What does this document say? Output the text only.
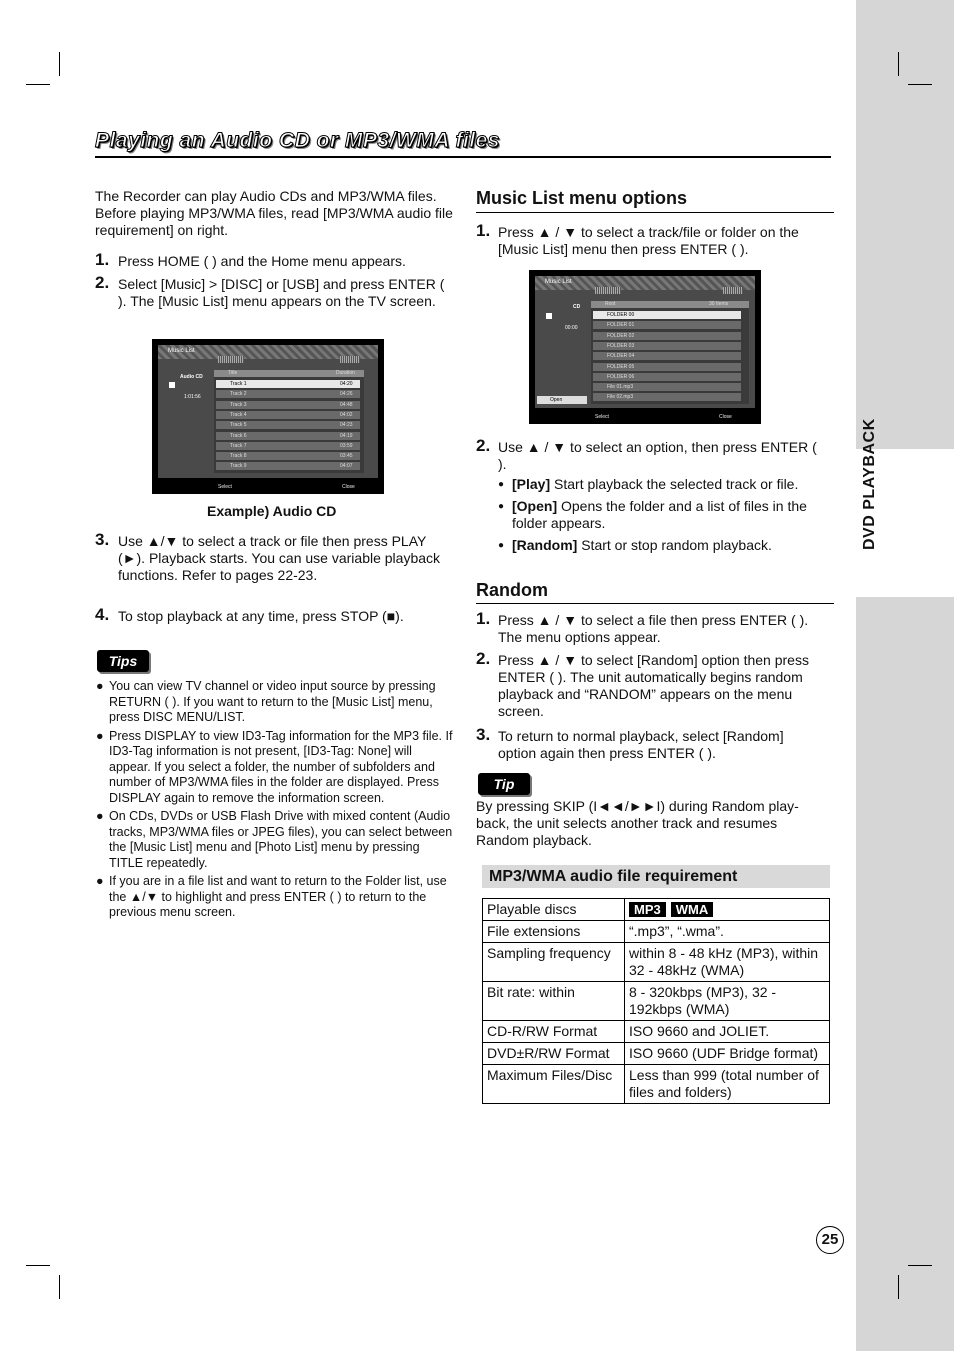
Playing an Audio CD or MP3/WMA files
The Recorder can play Audio CDs and MP3/WMA files. Before playing MP3/WMA files, read [MP3/WMA audio file requirement] on right.
1. Press HOME ( ) and the Home menu appears.
2. Select [Music] > [DISC] or [USB] and press ENTER ( ). The [Music List] menu appears on the TV screen.
Music List
Audio CD
1:01:56
Title	Duration
Track 1	04:20
Track 2	04:26
Track 3	04:48
Track 4	04:02
Track 5	04:23
Track 6	04:19
Track 7	03:59
Track 8	03:45
Track 9	04:07
Select	Close
Example) Audio CD
3. Use ▲/▼ to select a track or file then press PLAY (►). Playback starts. You can use variable playback functions. Refer to pages 22-23.
4. To stop playback at any time, press STOP (■).
Tips
● You can view TV channel or video input source by pressing RETURN ( ). If you want to return to the [Music List] menu, press DISC MENU/LIST.
● Press DISPLAY to view ID3-Tag information for the MP3 file. If ID3-Tag information is not present, [ID3-Tag: None] will appear. If you select a folder, the number of subfolders and number of MP3/WMA files in the folder are displayed. Press DISPLAY again to remove the information screen.
● On CDs, DVDs or USB Flash Drive with mixed content (Audio tracks, MP3/WMA files or JPEG files), you can select between the [Music List] menu and [Photo List] menu by pressing TITLE repeatedly.
● If you are in a file list and want to return to the Folder list, use the ▲/▼ to highlight and press ENTER ( ) to return to the previous menu screen.
Music List menu options
1. Press ▲ / ▼ to select a track/file or folder on the [Music List] menu then press ENTER ( ).
Music List
CD
00:00
Open
Root	30 Items
FOLDER 00
FOLDER 01
FOLDER 02
FOLDER 03
FOLDER 04
FOLDER 05
FOLDER 06
File 01.mp3
File 02.mp3
Select	Close
2. Use ▲ / ▼ to select an option, then press ENTER ( ).
● [Play] Start playback the selected track or file.
● [Open] Opens the folder and a list of files in the folder appears.
● [Random] Start or stop random playback.
Random
1. Press ▲ / ▼ to select a file then press ENTER ( ). The menu options appear.
2. Press ▲ / ▼ to select [Random] option then press ENTER ( ). The unit automatically begins random playback and “RANDOM” appears on the menu screen.
3. To return to normal playback, select [Random] option again then press ENTER ( ).
Tip
By pressing SKIP (I◄◄/►►I) during Random play-back, the unit selects another track and resumes Random playback.
MP3/WMA audio file requirement
Playable discs	MP3 WMA
File extensions	“.mp3”, “.wma”.
Sampling frequency	within 8 - 48 kHz (MP3), within 32 - 48kHz (WMA)
Bit rate: within	8 - 320kbps (MP3), 32 - 192kbps (WMA)
CD-R/RW Format	ISO 9660 and JOLIET.
DVD±R/RW Format	ISO 9660 (UDF Bridge format)
Maximum Files/Disc	Less than 999 (total number of files and folders)
25
